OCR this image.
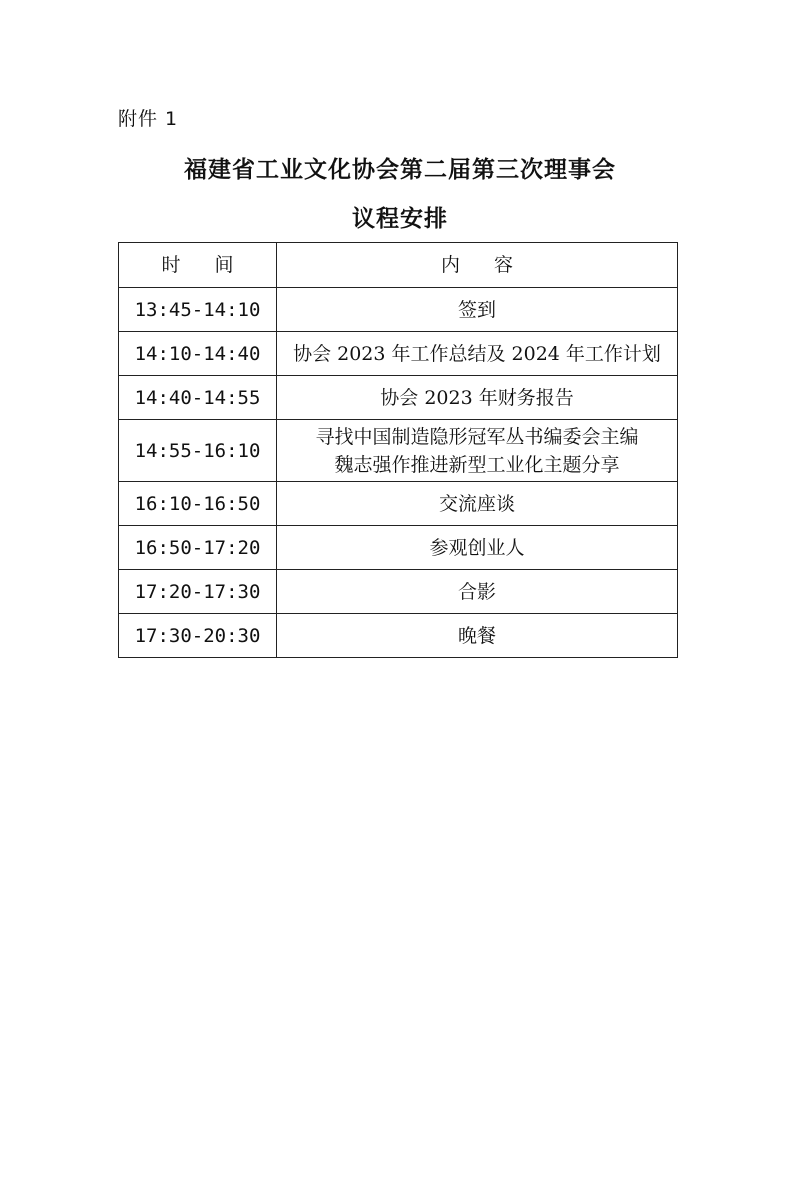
附件 1
福建省工业文化协会第二届第三次理事会
议程安排
时 间	内 容
13:45-14:10	签到

14:10-14:40	协会 2023 年工作总结及 2024 年工作计划

14:40-14:55	协会 2023 年财务报告

14:55-16:10	寻找中国制造隐形冠军丛书编委会主编
魏志强作推进新型工业化主题分享

16:10-16:50	交流座谈

16:50-17:20	参观创业人

17:20-17:30	合影

17:30-20:30	晚餐
